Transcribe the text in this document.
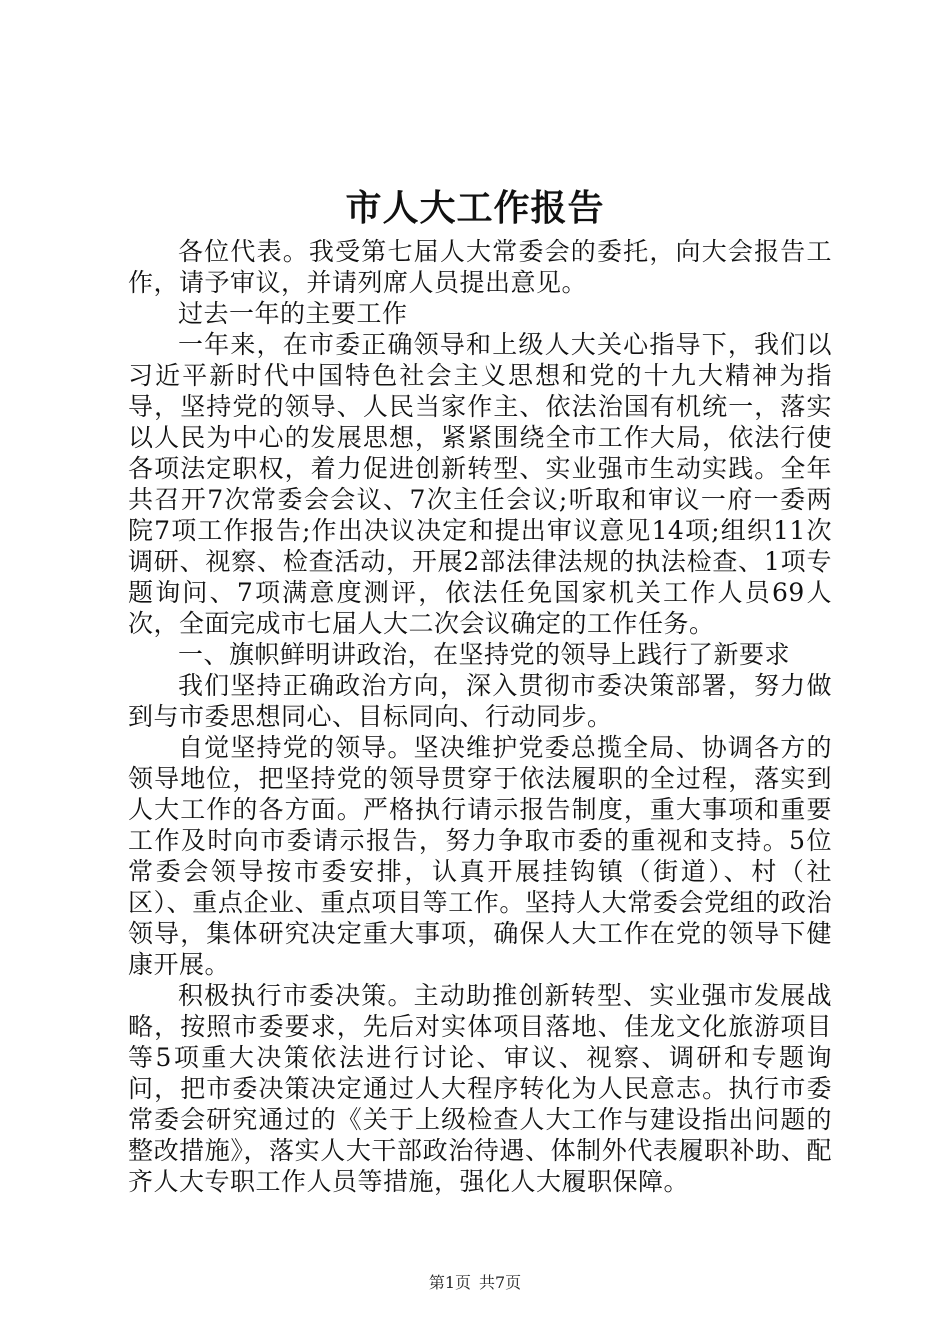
市人大工作报告

各位代表。我受第七届人大常委会的委托，向大会报告工作，请予审议，并请列席人员提出意见。

过去一年的主要工作

一年来，在市委正确领导和上级人大关心指导下，我们以习近平新时代中国特色社会主义思想和党的十九大精神为指导，坚持党的领导、人民当家作主、依法治国有机统一，落实以人民为中心的发展思想，紧紧围绕全市工作大局，依法行使各项法定职权，着力促进创新转型、实业强市生动实践。全年共召开7次常委会会议、7次主任会议;听取和审议一府一委两院7项工作报告;作出决议决定和提出审议意见14项;组织11次调研、视察、检查活动，开展2部法律法规的执法检查、1项专题询问、7项满意度测评，依法任免国家机关工作人员69人次，全面完成市七届人大二次会议确定的工作任务。

一、旗帜鲜明讲政治，在坚持党的领导上践行了新要求

我们坚持正确政治方向，深入贯彻市委决策部署，努力做到与市委思想同心、目标同向、行动同步。

自觉坚持党的领导。坚决维护党委总揽全局、协调各方的领导地位，把坚持党的领导贯穿于依法履职的全过程，落实到人大工作的各方面。严格执行请示报告制度，重大事项和重要工作及时向市委请示报告，努力争取市委的重视和支持。5位常委会领导按市委安排，认真开展挂钩镇（街道）、村（社区）、重点企业、重点项目等工作。坚持人大常委会党组的政治领导，集体研究决定重大事项，确保人大工作在党的领导下健康开展。

积极执行市委决策。主动助推创新转型、实业强市发展战略，按照市委要求，先后对实体项目落地、佳龙文化旅游项目等5项重大决策依法进行讨论、审议、视察、调研和专题询问，把市委决策决定通过人大程序转化为人民意志。执行市委常委会研究通过的《关于上级检查人大工作与建设指出问题的整改措施》，落实人大干部政治待遇、体制外代表履职补助、配齐人大专职工作人员等措施，强化人大履职保障。

第1页 共7页
